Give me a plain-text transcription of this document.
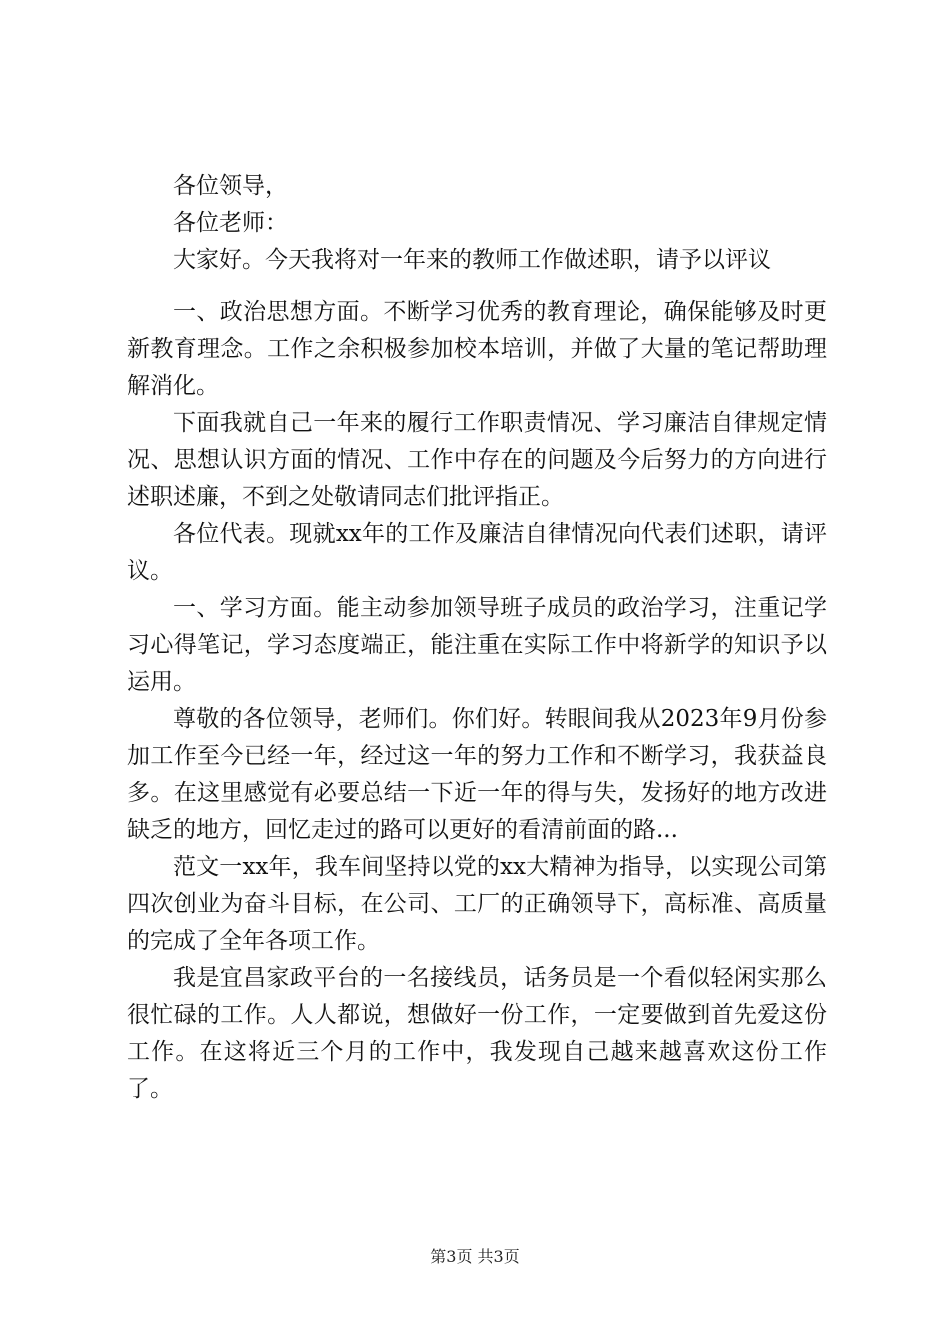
各位领导，

各位老师：

大家好。今天我将对一年来的教师工作做述职，请予以评议

一、政治思想方面。不断学习优秀的教育理论，确保能够及时更新教育理念。工作之余积极参加校本培训，并做了大量的笔记帮助理解消化。

下面我就自己一年来的履行工作职责情况、学习廉洁自律规定情况、思想认识方面的情况、工作中存在的问题及今后努力的方向进行述职述廉，不到之处敬请同志们批评指正。

各位代表。现就xx年的工作及廉洁自律情况向代表们述职，请评议。

一、学习方面。能主动参加领导班子成员的政治学习，注重记学习心得笔记，学习态度端正，能注重在实际工作中将新学的知识予以运用。

尊敬的各位领导，老师们。你们好。转眼间我从2023年9月份参加工作至今已经一年，经过这一年的努力工作和不断学习，我获益良多。在这里感觉有必要总结一下近一年的得与失，发扬好的地方改进缺乏的地方，回忆走过的路可以更好的看清前面的路...

范文一xx年，我车间坚持以党的xx大精神为指导，以实现公司第四次创业为奋斗目标，在公司、工厂的正确领导下，高标准、高质量的完成了全年各项工作。

我是宜昌家政平台的一名接线员，话务员是一个看似轻闲实那么很忙碌的工作。人人都说，想做好一份工作，一定要做到首先爱这份工作。在这将近三个月的工作中，我发现自己越来越喜欢这份工作了。

第3页 共3页
